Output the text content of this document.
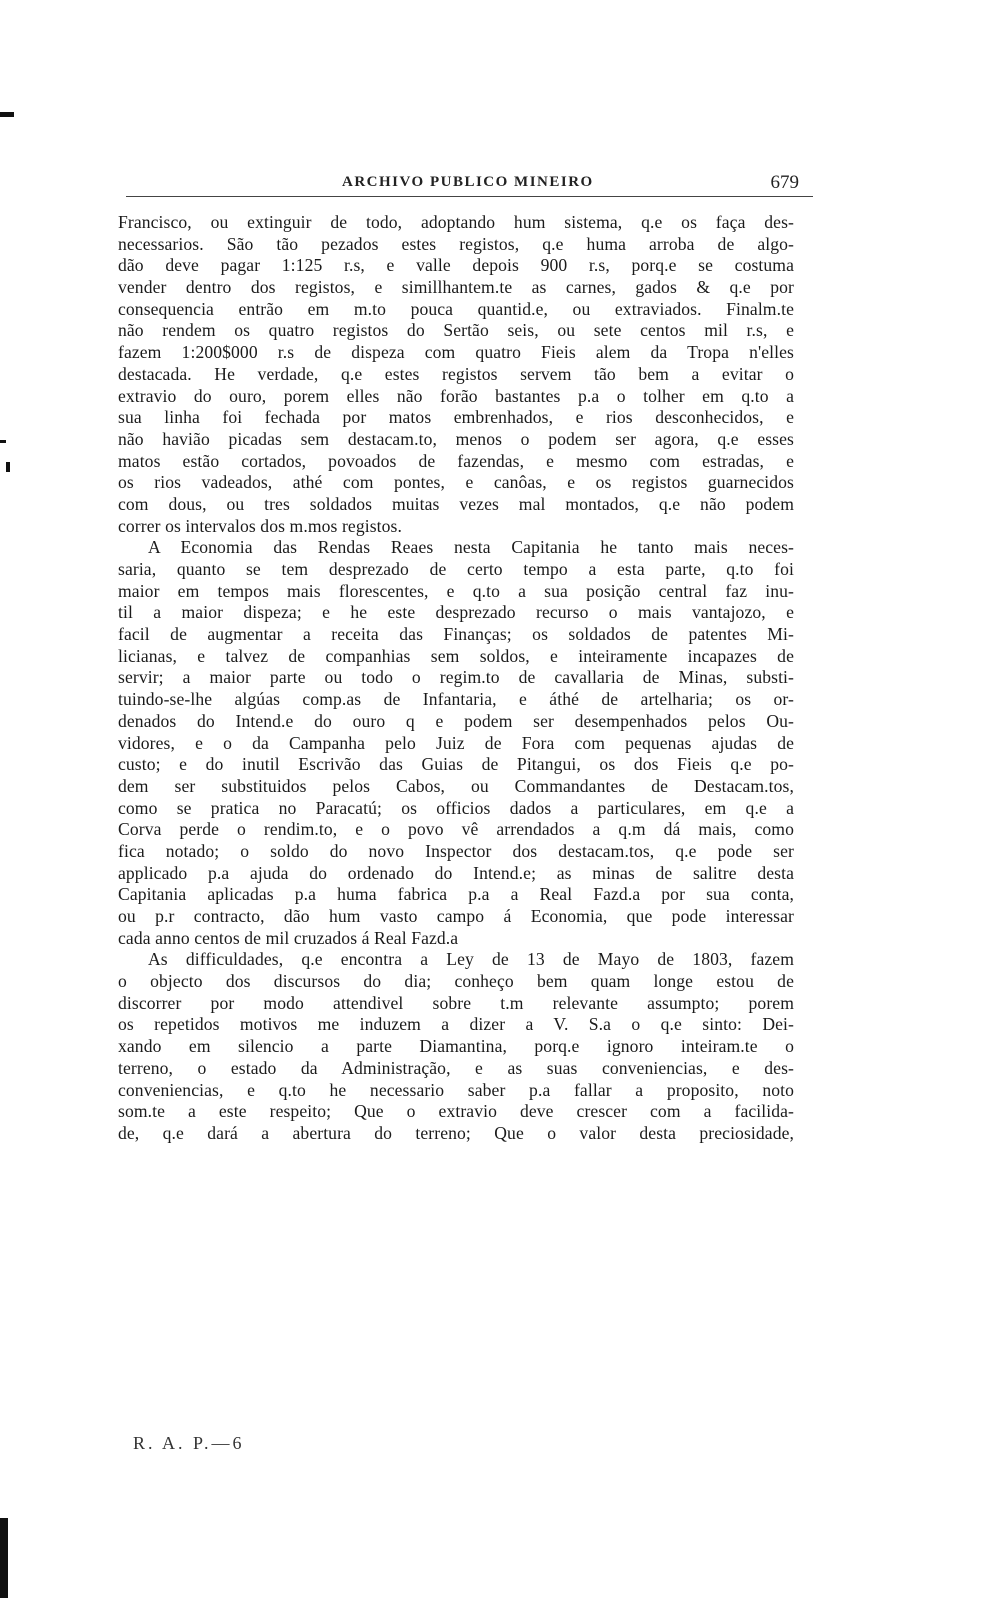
ARCHIVO PUBLICO MINEIRO	679
Francisco, ou extinguir de todo, adoptando hum sistema, q.e os faça des-
necessarios. São tão pezados estes registos, q.e huma arroba de algo-
dão deve pagar 1:125 r.s, e valle depois 900 r.s, porq.e se costuma
vender dentro dos registos, e simillhantem.te as carnes, gados & q.e por
consequencia entrão em m.to pouca quantid.e, ou extraviados. Finalm.te
não rendem os quatro registos do Sertão seis, ou sete centos mil r.s, e
fazem 1:200$000 r.s de dispeza com quatro Fieis alem da Tropa n'elles
destacada. He verdade, q.e estes registos servem tão bem a evitar o
extravio do ouro, porem elles não forão bastantes p.a o tolher em q.to a
sua linha foi fechada por matos embrenhados, e rios desconhecidos, e
não havião picadas sem destacam.to, menos o podem ser agora, q.e esses
matos estão cortados, povoados de fazendas, e mesmo com estradas, e
os rios vadeados, athé com pontes, e canôas, e os registos guarnecidos
com dous, ou tres soldados muitas vezes mal montados, q.e não podem
correr os intervalos dos m.mos registos.
A Economia das Rendas Reaes nesta Capitania he tanto mais neces-
saria, quanto se tem desprezado de certo tempo a esta parte, q.to foi
maior em tempos mais florescentes, e q.to a sua posição central faz inu-
til a maior dispeza; e he este desprezado recurso o mais vantajozo, e
facil de augmentar a receita das Finanças; os soldados de patentes Mi-
licianas, e talvez de companhias sem soldos, e inteiramente incapazes de
servir; a maior parte ou todo o regim.to de cavallaria de Minas, substi-
tuindo-se-lhe algúas comp.as de Infantaria, e áthé de artelharia; os or-
denados do Intend.e do ouro q e podem ser desempenhados pelos Ou-
vidores, e o da Campanha pelo Juiz de Fora com pequenas ajudas de
custo; e do inutil Escrivão das Guias de Pitangui, os dos Fieis q.e po-
dem ser substituidos pelos Cabos, ou Commandantes de Destacam.tos,
como se pratica no Paracatú; os officios dados a particulares, em q.e a
Corva perde o rendim.to, e o povo vê arrendados a q.m dá mais, como
fica notado; o soldo do novo Inspector dos destacam.tos, q.e pode ser
applicado p.a ajuda do ordenado do Intend.e; as minas de salitre desta
Capitania aplicadas p.a huma fabrica p.a a Real Fazd.a por sua conta,
ou p.r contracto, dão hum vasto campo á Economia, que pode interessar
cada anno centos de mil cruzados á Real Fazd.a
As difficuldades, q.e encontra a Ley de 13 de Mayo de 1803, fazem
o objecto dos discursos do dia; conheço bem quam longe estou de
discorrer por modo attendivel sobre t.m relevante assumpto; porem
os repetidos motivos me induzem a dizer a V. S.a o q.e sinto: Dei-
xando em silencio a parte Diamantina, porq.e ignoro inteiram.te o
terreno, o estado da Administração, e as suas conveniencias, e des-
conveniencias, e q.to he necessario saber p.a fallar a proposito, noto
som.te a este respeito; Que o extravio deve crescer com a facilida-
de, q.e dará a abertura do terreno; Que o valor desta preciosidade,
R. A. P.—6
